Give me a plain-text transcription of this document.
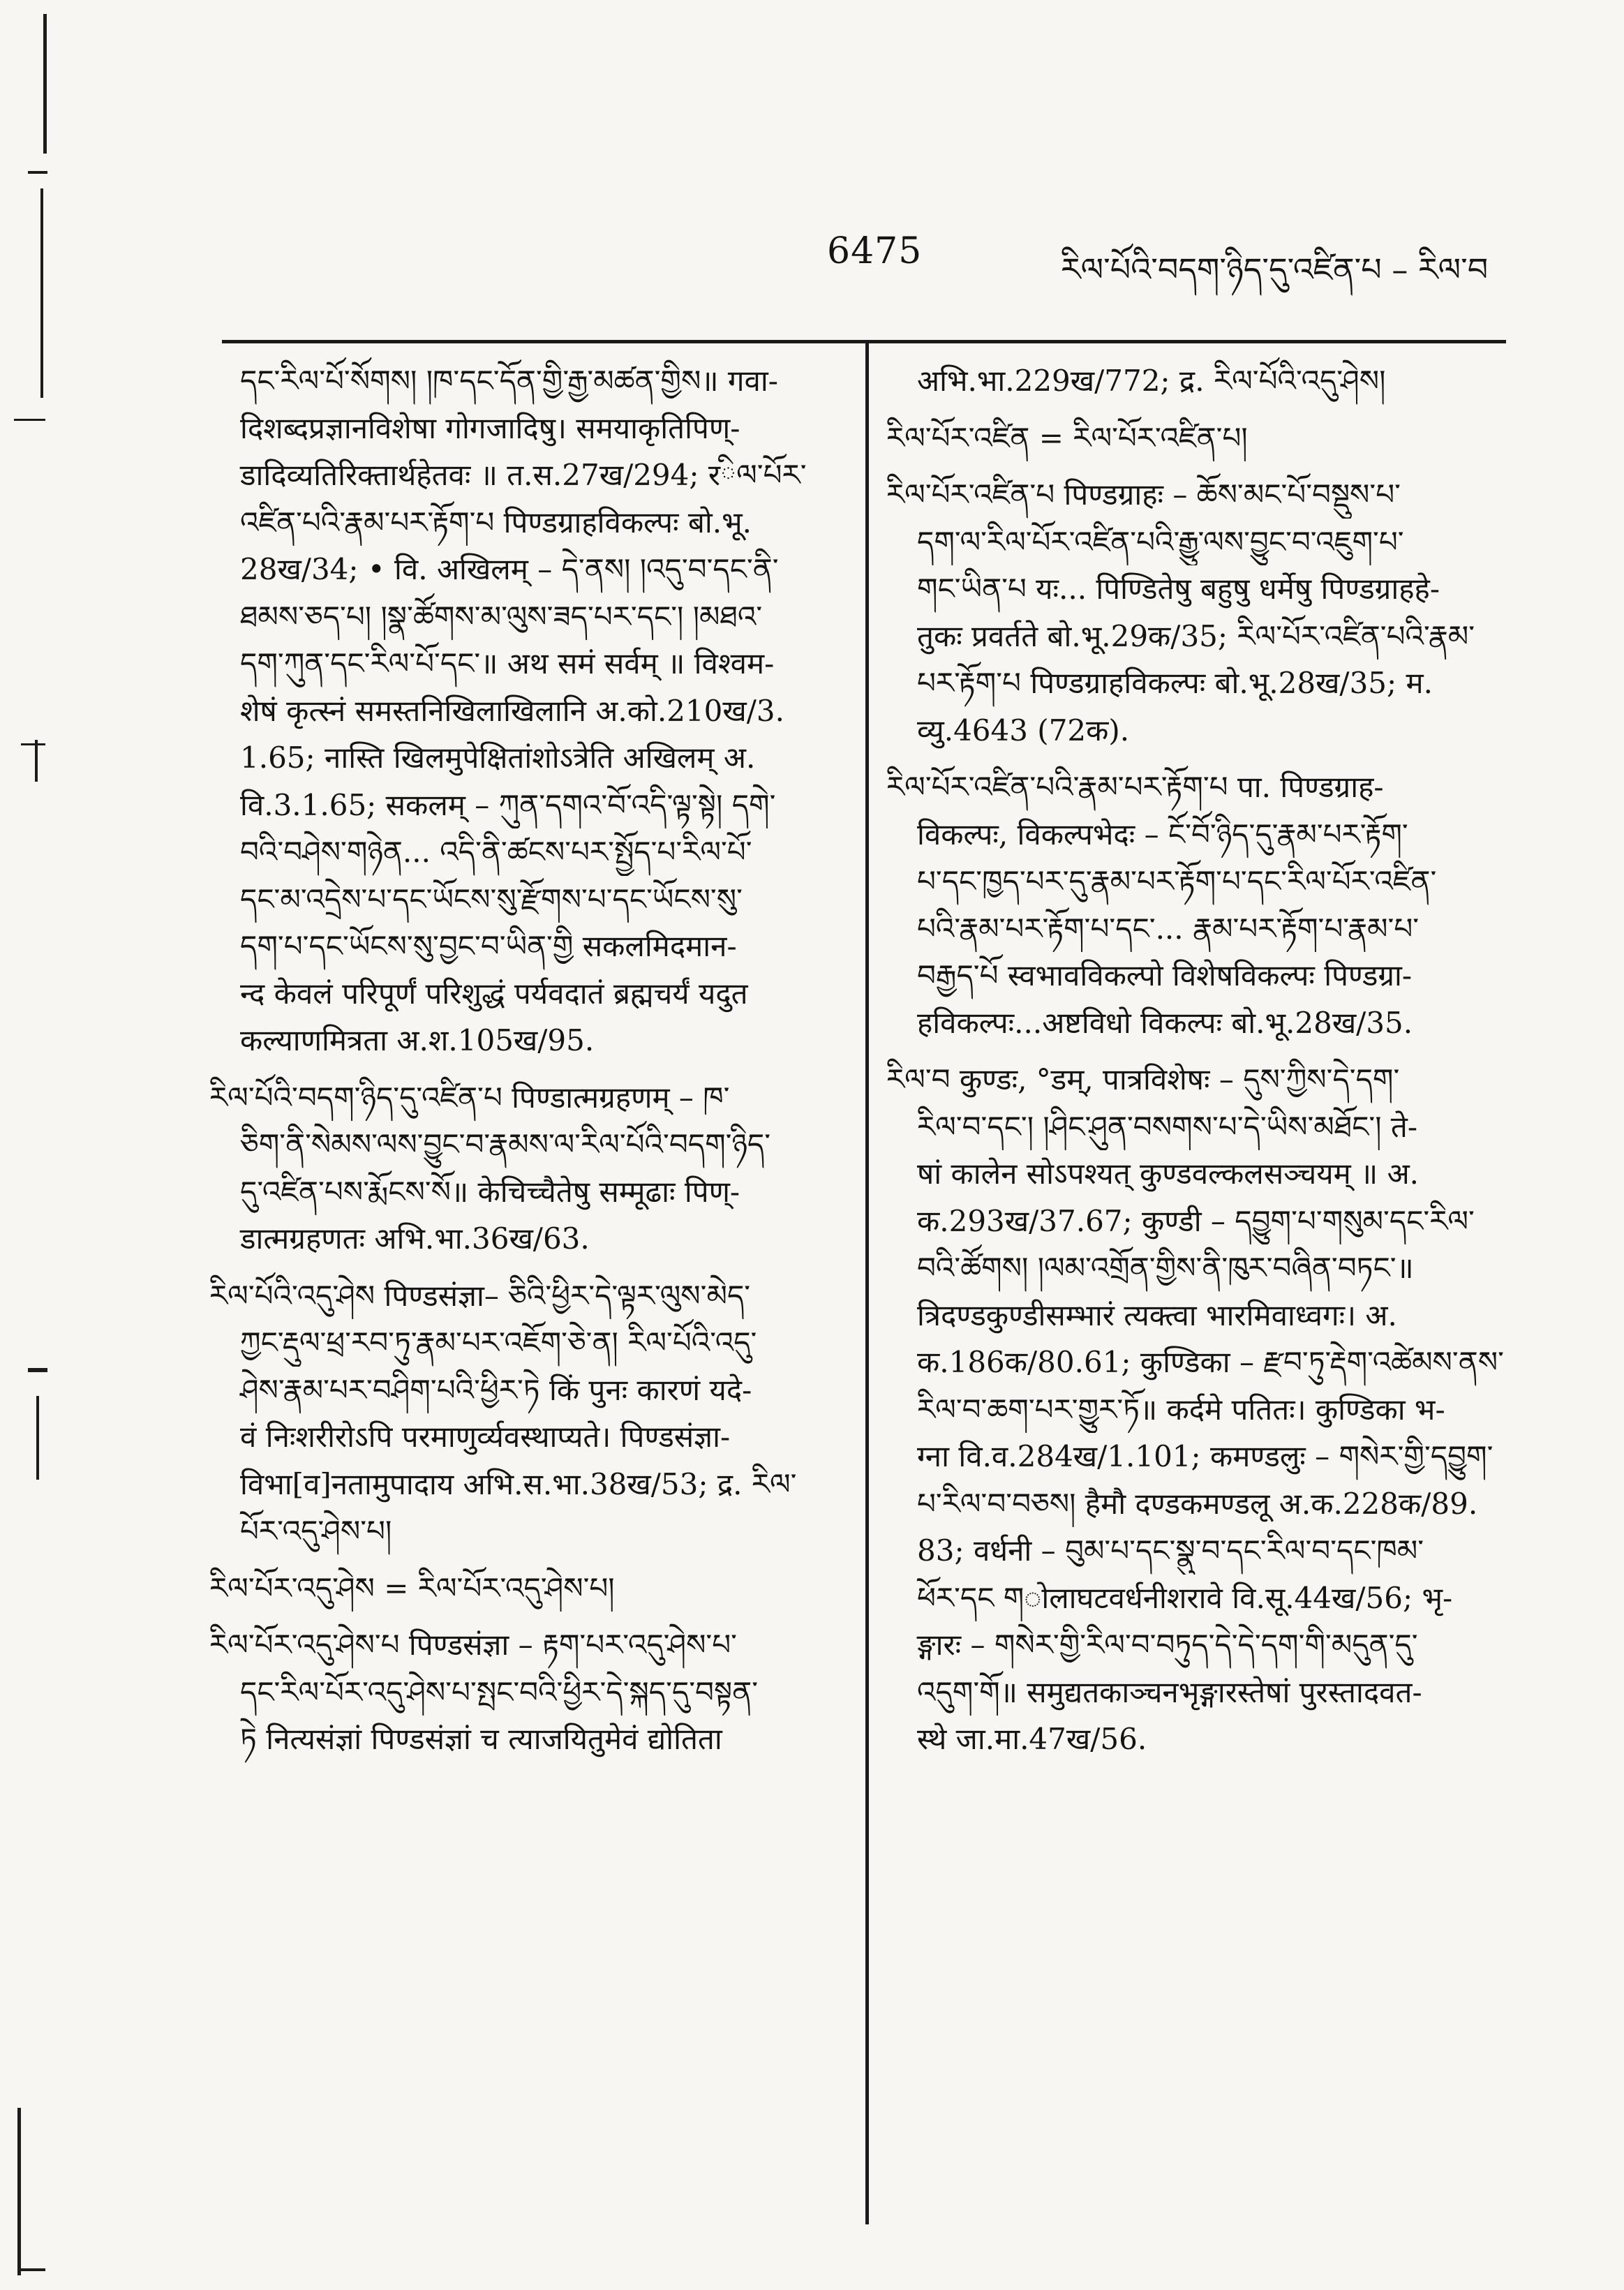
6475	རིལ་པོའི་བདག་ཉིད་དུ་འཛིན་པ – རིལ་བ
དང་རིལ་པོ་སོགས། །ཁ་དང་དོན་གྱི་རྒྱ་མཚན་གྱིས॥ गवा-
दिशब्दप्रज्ञानविशेषा गोगजादिषु। समयाकृतिपिण्-
डादिव्यतिरिक्तार्थहेतवः ॥ त.स.27ख/294; रིལ་པོར་
འཛིན་པའི་རྣམ་པར་རྟོག་པ पिण्डग्राहविकल्पः बो.भू.
28ख/34; • वि. अखिलम् – དེ་ནས། །འདུ་བ་དང་ནི་
ཐམས་ཅད་པ། །སྣ་ཚོགས་མ་ལུས་ཟད་པར་དང་། །མཐའ་
དག་ཀུན་དང་རིལ་པོ་དང་॥ अथ समं सर्वम् ॥ विश्वम-
शेषं कृत्स्नं समस्तनिखिलाखिलानि अ.को.210ख/3.
1.65; नास्ति खिलमुपेक्षितांशोऽत्रेति अखिलम् अ.
वि.3.1.65; सकलम् – ཀུན་དགའ་བོ་འདི་ལྟ་སྟེ། དགེ་
བའི་བཤེས་གཉེན... འདི་ནི་ཚངས་པར་སྤྱོད་པ་རིལ་པོ་
དང་མ་འདྲེས་པ་དང་ཡོངས་སུ་རྫོགས་པ་དང་ཡོངས་སུ་
དག་པ་དང་ཡོངས་སུ་བྱང་བ་ཡིན་གྱི सकलमिदमान-
न्द केवलं परिपूर्णं परिशुद्धं पर्यवदातं ब्रह्मचर्यं यदुत
कल्याणमित्रता अ.श.105ख/95.
རིལ་པོའི་བདག་ཉིད་དུ་འཛིན་པ पिण्डात्मग्रहणम् – ཁ་
ཅིག་ནི་སེམས་ལས་བྱུང་བ་རྣམས་ལ་རིལ་པོའི་བདག་ཉིད་
དུ་འཛིན་པས་རྨོངས་སོ॥ केचिच्चैतेषु सम्मूढाः पिण्-
डात्मग्रहणतः अभि.भा.36ख/63.
རིལ་པོའི་འདུ་ཤེས पिण्डसंज्ञा– ཅིའི་ཕྱིར་དེ་ལྟར་ལུས་མེད་
ཀྱང་རྡུལ་ཕྲ་རབ་ཏུ་རྣམ་པར་འཇོག་ཅེ་ན། རིལ་པོའི་འདུ་
ཤེས་རྣམ་པར་བཤིག་པའི་ཕྱིར་ཏེ किं पुनः कारणं यदे-
वं निःशरीरोऽपि परमाणुर्व्यवस्थाप्यते। पिण्डसंज्ञा-
विभा[व]नतामुपादाय अभि.स.भा.38ख/53; द्र. རིལ་
པོར་འདུ་ཤེས་པ།
རིལ་པོར་འདུ་ཤེས = རིལ་པོར་འདུ་ཤེས་པ།
རིལ་པོར་འདུ་ཤེས་པ पिण्डसंज्ञा – རྟག་པར་འདུ་ཤེས་པ་
དང་རིལ་པོར་འདུ་ཤེས་པ་སྤང་བའི་ཕྱིར་དེ་སྐད་དུ་བསྟན་
ཏེ नित्यसंज्ञां पिण्डसंज्ञां च त्याजयितुमेवं द्योतिता
अभि.भा.229ख/772; द्र. རིལ་པོའི་འདུ་ཤེས།
རིལ་པོར་འཛིན = རིལ་པོར་འཛིན་པ།
རིལ་པོར་འཛིན་པ पिण्डग्राहः – ཆོས་མང་པོ་བསྡུས་པ་
དག་ལ་རིལ་པོར་འཛིན་པའི་རྒྱུ་ལས་བྱུང་བ་འཇུག་པ་
གང་ཡིན་པ यः... पिण्डितेषु बहुषु धर्मेषु पिण्डग्राहहे-
तुकः प्रवर्तते बो.भू.29क/35; རིལ་པོར་འཛིན་པའི་རྣམ་
པར་རྟོག་པ पिण्डग्राहविकल्पः बो.भू.28ख/35; म.
व्यु.4643 (72क).
རིལ་པོར་འཛིན་པའི་རྣམ་པར་རྟོག་པ पा. पिण्डग्राह-
विकल्पः, विकल्पभेदः – ངོ་བོ་ཉིད་དུ་རྣམ་པར་རྟོག་
པ་དང་ཁྱད་པར་དུ་རྣམ་པར་རྟོག་པ་དང་རིལ་པོར་འཛིན་
པའི་རྣམ་པར་རྟོག་པ་དང་... རྣམ་པར་རྟོག་པ་རྣམ་པ་
བརྒྱད་པོ स्वभावविकल्पो विशेषविकल्पः पिण्डग्रा-
हविकल्पः...अष्टविधो विकल्पः बो.भू.28ख/35.
རིལ་བ कुण्डः, °डम्, पात्रविशेषः – དུས་ཀྱིས་དེ་དག་
རིལ་བ་དང་། །ཤིང་ཤུན་བསགས་པ་དེ་ཡིས་མཐོང་། ते-
षां कालेन सोऽपश्यत् कुण्डवल्कलसञ्चयम् ॥ अ.
क.293ख/37.67; कुण्डी – དབྱུག་པ་གསུམ་དང་རིལ་
བའི་ཚོགས། །ལམ་འགྲོན་གྱིས་ནི་ཁུར་བཞིན་བཏང་॥
त्रिदण्डकुण्डीसम्भारं त्यक्त्वा भारमिवाध्वगः। अ.
क.186क/80.61; कुण्डिका – རྫབ་ཏུ་རྡེག་འཚེམས་ནས་
རིལ་བ་ཆག་པར་གྱུར་ཏོ॥ कर्दमे पतितः। कुण्डिका भ-
ग्ना वि.व.284ख/1.101; कमण्डलुः – གསེར་གྱི་དབྱུག་
པ་རིལ་བ་བཅས། हैमौ दण्डकमण्डलू अ.क.228क/89.
83; वर्धनी – བུམ་པ་དང་སྣུ་བ་དང་རིལ་བ་དང་ཁམ་
ཕོར་དང གोलाघटवर्धनीशरावे वि.सू.44ख/56; भृ-
ङ्गारः – གསེར་གྱི་རིལ་བ་བཏུད་དེ་དེ་དག་གི་མདུན་དུ་
འདུག་གོ॥ समुद्यतकाञ्चनभृङ्गारस्तेषां पुरस्तादवत-
स्थे जा.मा.47ख/56.
